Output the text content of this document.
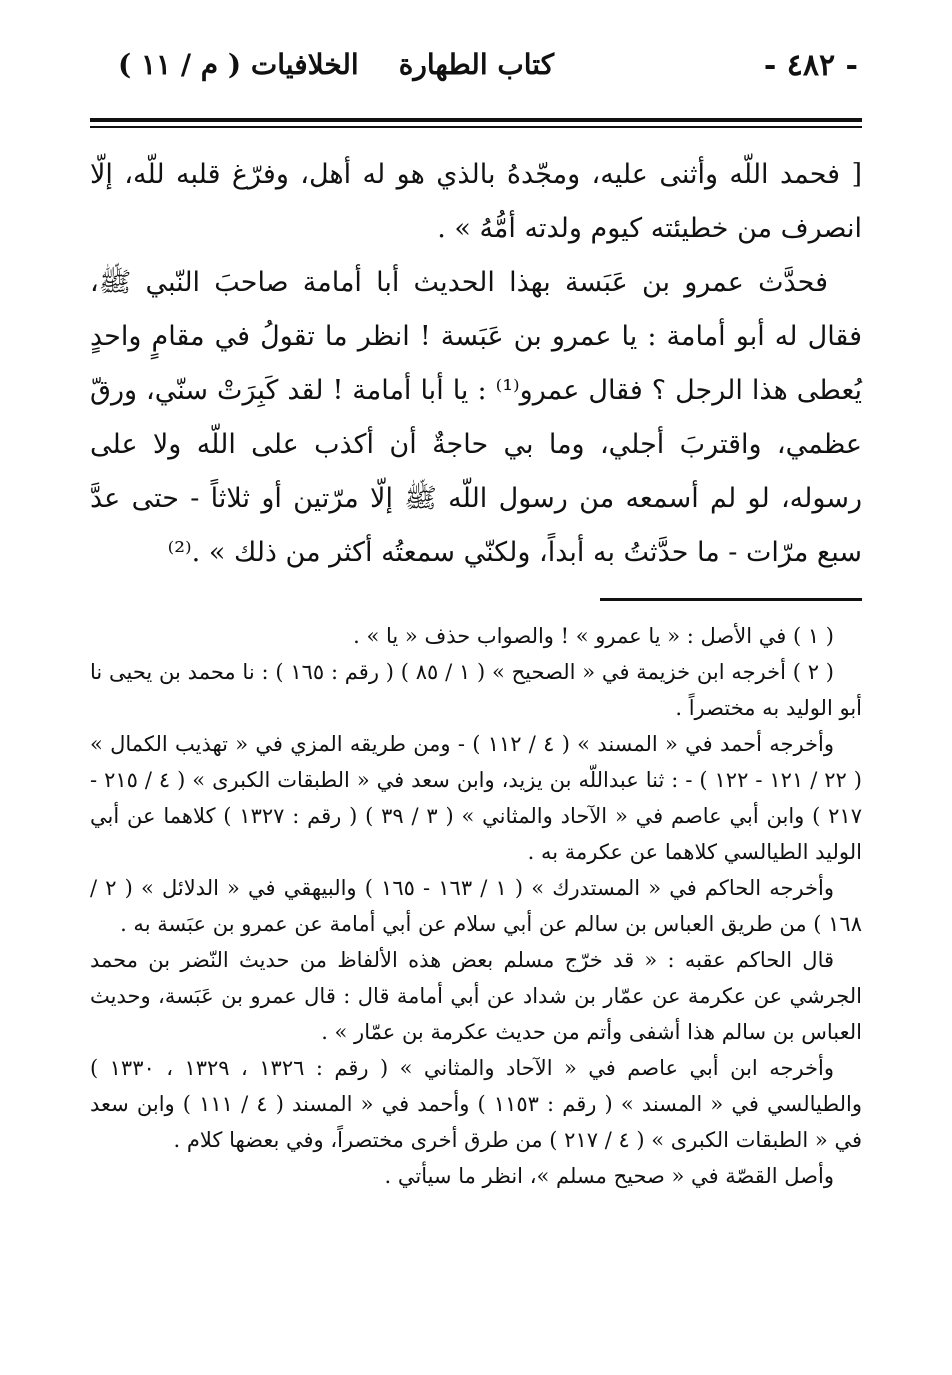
- ٤٨٢ -
كتاب الطهارةالخلافيات ( م / ١١ )

[ فحمد اللّه وأثنى عليه، ومجّدهُ بالذي هو له أهل، وفرّغ قلبه للّه، إلّا انصرف من خطيئته كيوم ولدته أمُّهُ » .

فحدَّث عمرو بن عَبَسة بهذا الحديث أبا أمامة صاحبَ النّبي ﷺ، فقال له أبو أمامة : يا عمرو بن عَبَسة ! انظر ما تقولُ في مقامٍ واحدٍ يُعطى هذا الرجل ؟ فقال عمرو⁽¹⁾ : يا أبا أمامة ! لقد كَبِرَتْ سنّي، ورقّ عظمي، واقتربَ أجلي، وما بي حاجةٌ أن أكذب على اللّه ولا على رسوله، لو لم أسمعه من رسول اللّه ﷺ إلّا مرّتين أو ثلاثاً - حتى عدَّ سبع مرّات - ما حدَّثتُ به أبداً، ولكنّي سمعتُه أكثر من ذلك » .⁽²⁾

( ١ ) في الأصل : « يا عمرو » ! والصواب حذف « يا » .

( ٢ ) أخرجه ابن خزيمة في « الصحيح » ( ١ / ٨٥ ) ( رقم : ١٦٥ ) : نا محمد بن يحيى نا أبو الوليد به مختصراً .

وأخرجه أحمد في « المسند » ( ٤ / ١١٢ ) - ومن طريقه المزي في « تهذيب الكمال » ( ٢٢ / ١٢١ - ١٢٢ ) - : ثنا عبداللّه بن يزيد، وابن سعد في « الطبقات الكبرى » ( ٤ / ٢١٥ - ٢١٧ ) وابن أبي عاصم في « الآحاد والمثاني » ( ٣ / ٣٩ ) ( رقم : ١٣٢٧ ) كلاهما عن أبي الوليد الطيالسي كلاهما عن عكرمة به .

وأخرجه الحاكم في « المستدرك » ( ١ / ١٦٣ - ١٦٥ ) والبيهقي في « الدلائل » ( ٢ / ١٦٨ ) من طريق العباس بن سالم عن أبي سلام عن أبي أمامة عن عمرو بن عبَسة به .

قال الحاكم عقبه : « قد خرّج مسلم بعض هذه الألفاظ من حديث النّضر بن محمد الجرشي عن عكرمة عن عمّار بن شداد عن أبي أمامة قال : قال عمرو بن عَبَسة، وحديث العباس بن سالم هذا أشفى وأتم من حديث عكرمة بن عمّار » .

وأخرجه ابن أبي عاصم في « الآحاد والمثاني » ( رقم : ١٣٢٦ ، ١٣٢٩ ، ١٣٣٠ ) والطيالسي في « المسند » ( رقم : ١١٥٣ ) وأحمد في « المسند ( ٤ / ١١١ ) وابن سعد في « الطبقات الكبرى » ( ٤ / ٢١٧ ) من طرق أخرى مختصراً، وفي بعضها كلام .

وأصل القصّة في « صحيح مسلم »، انظر ما سيأتي .
